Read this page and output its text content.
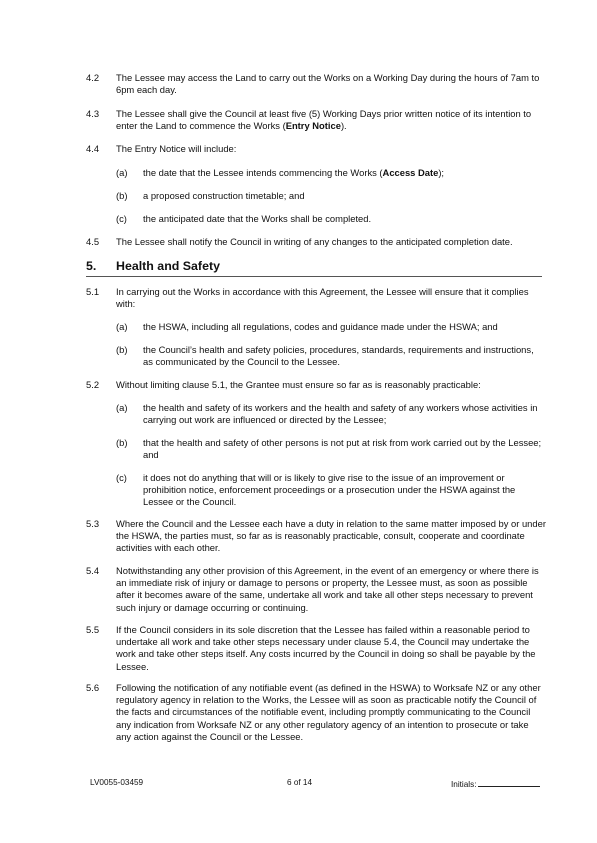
4.2 The Lessee may access the Land to carry out the Works on a Working Day during the hours of 7am to 6pm each day.
4.3 The Lessee shall give the Council at least five (5) Working Days prior written notice of its intention to enter the Land to commence the Works (Entry Notice).
4.4 The Entry Notice will include:
(a) the date that the Lessee intends commencing the Works (Access Date);
(b) a proposed construction timetable; and
(c) the anticipated date that the Works shall be completed.
4.5 The Lessee shall notify the Council in writing of any changes to the anticipated completion date.
5. Health and Safety
5.1 In carrying out the Works in accordance with this Agreement, the Lessee will ensure that it complies with:
(a) the HSWA, including all regulations, codes and guidance made under the HSWA; and
(b) the Council’s health and safety policies, procedures, standards, requirements and instructions, as communicated by the Council to the Lessee.
5.2 Without limiting clause 5.1, the Grantee must ensure so far as is reasonably practicable:
(a) the health and safety of its workers and the health and safety of any workers whose activities in carrying out work are influenced or directed by the Lessee;
(b) that the health and safety of other persons is not put at risk from work carried out by the Lessee; and
(c) it does not do anything that will or is likely to give rise to the issue of an improvement or prohibition notice, enforcement proceedings or a prosecution under the HSWA against the Lessee or the Council.
5.3 Where the Council and the Lessee each have a duty in relation to the same matter imposed by or under the HSWA, the parties must, so far as is reasonably practicable, consult, cooperate and coordinate activities with each other.
5.4 Notwithstanding any other provision of this Agreement, in the event of an emergency or where there is an immediate risk of injury or damage to persons or property, the Lessee must, as soon as possible after it becomes aware of the same, undertake all work and take all other steps necessary to prevent such injury or damage occurring or continuing.
5.5 If the Council considers in its sole discretion that the Lessee has failed within a reasonable period to undertake all work and take other steps necessary under clause 5.4, the Council may undertake the work and take other steps itself. Any costs incurred by the Council in doing so shall be payable by the Lessee.
5.6 Following the notification of any notifiable event (as defined in the HSWA) to Worksafe NZ or any other regulatory agency in relation to the Works, the Lessee will as soon as practicable notify the Council of the facts and circumstances of the notifiable event, including promptly communicating to the Council any indication from Worksafe NZ or any other regulatory agency of an intention to prosecute or take any action against the Council or the Lessee.
LV0055-03459	6 of 14	Initials:
